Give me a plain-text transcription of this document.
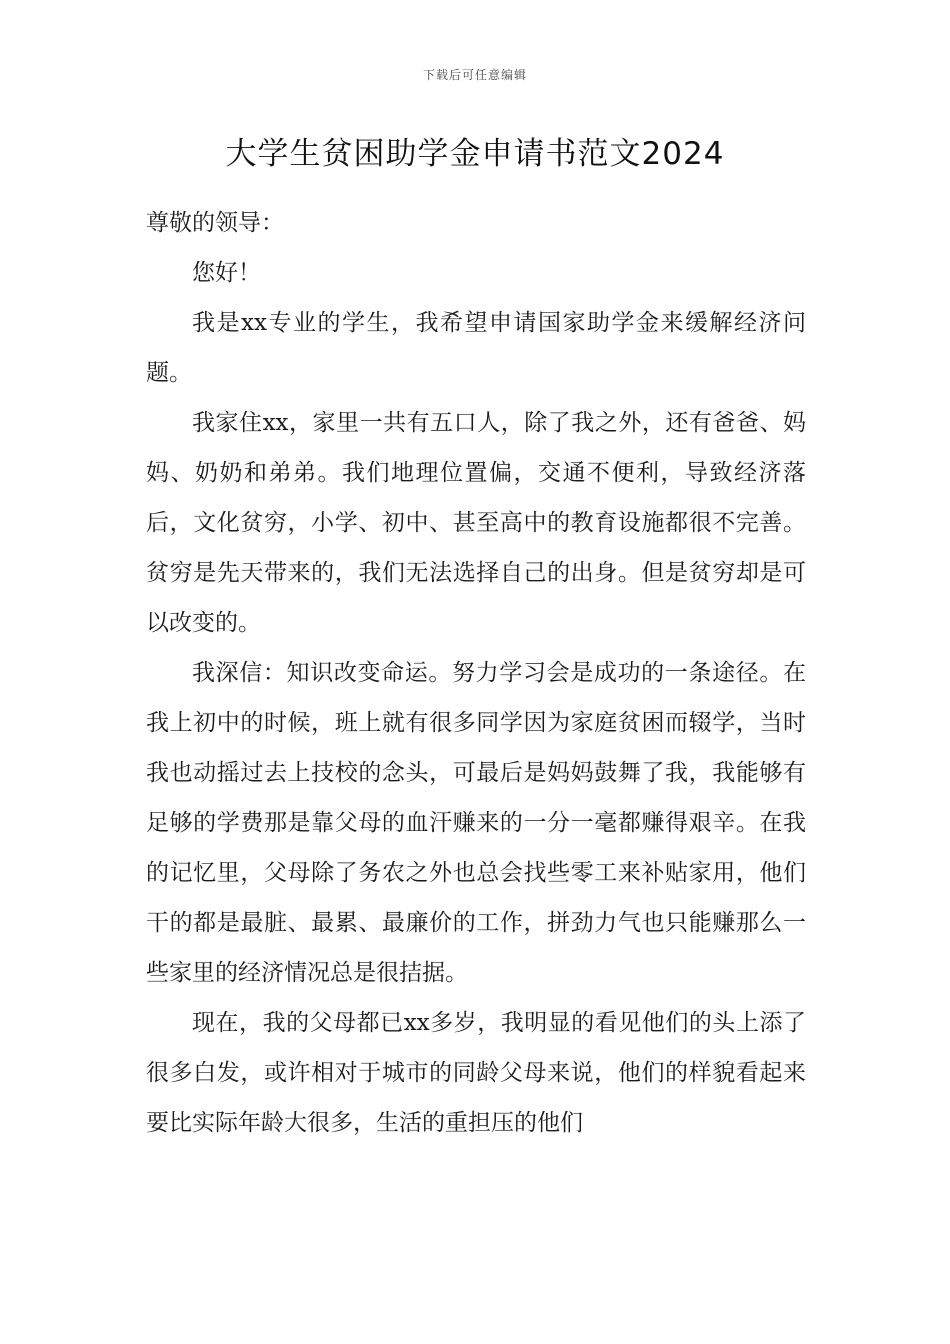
下载后可任意编辑
大学生贫困助学金申请书范文2024

尊敬的领导：

您好！

我是xx专业的学生，我希望申请国家助学金来缓解经济问题。

我家住xx，家里一共有五口人，除了我之外，还有爸爸、妈妈、奶奶和弟弟。我们地理位置偏，交通不便利，导致经济落后，文化贫穷，小学、初中、甚至高中的教育设施都很不完善。贫穷是先天带来的，我们无法选择自己的出身。但是贫穷却是可以改变的。

我深信：知识改变命运。努力学习会是成功的一条途径。在我上初中的时候，班上就有很多同学因为家庭贫困而辍学，当时我也动摇过去上技校的念头，可最后是妈妈鼓舞了我，我能够有足够的学费那是靠父母的血汗赚来的一分一毫都赚得艰辛。在我的记忆里，父母除了务农之外也总会找些零工来补贴家用，他们干的都是最脏、最累、最廉价的工作，拼劲力气也只能赚那么一些家里的经济情况总是很拮据。

现在，我的父母都已xx多岁，我明显的看见他们的头上添了很多白发，或许相对于城市的同龄父母来说，他们的样貌看起来要比实际年龄大很多，生活的重担压的他们
